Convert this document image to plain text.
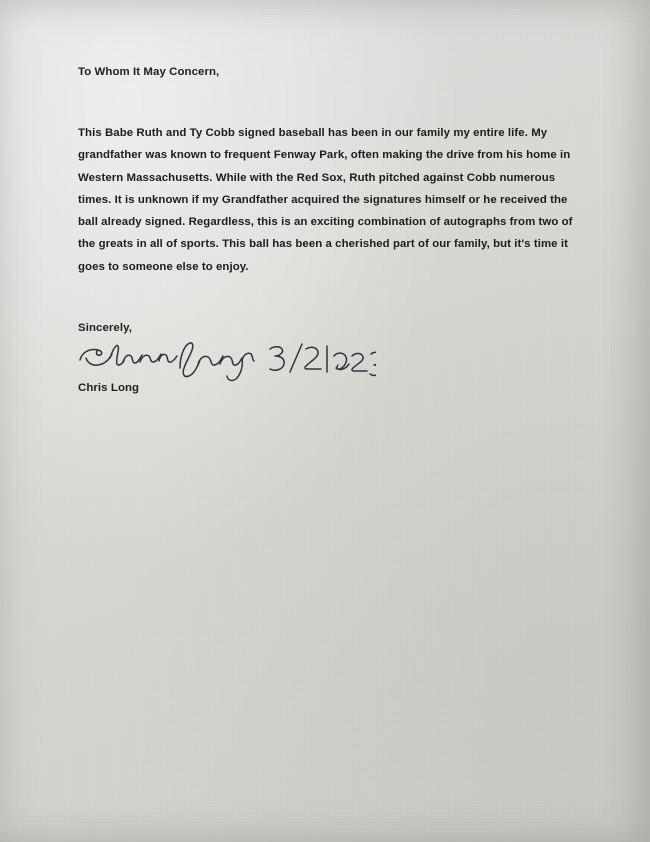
To Whom It May Concern,

This Babe Ruth and Ty Cobb signed baseball has been in our family my entire life. My grandfather was known to frequent Fenway Park, often making the drive from his home in Western Massachusetts. While with the Red Sox, Ruth pitched against Cobb numerous times. It is unknown if my Grandfather acquired the signatures himself or he received the ball already signed. Regardless, this is an exciting combination of autographs from two of the greats in all of sports. This ball has been a cherished part of our family, but it's time it goes to someone else to enjoy.

Sincerely,

Chris Long
